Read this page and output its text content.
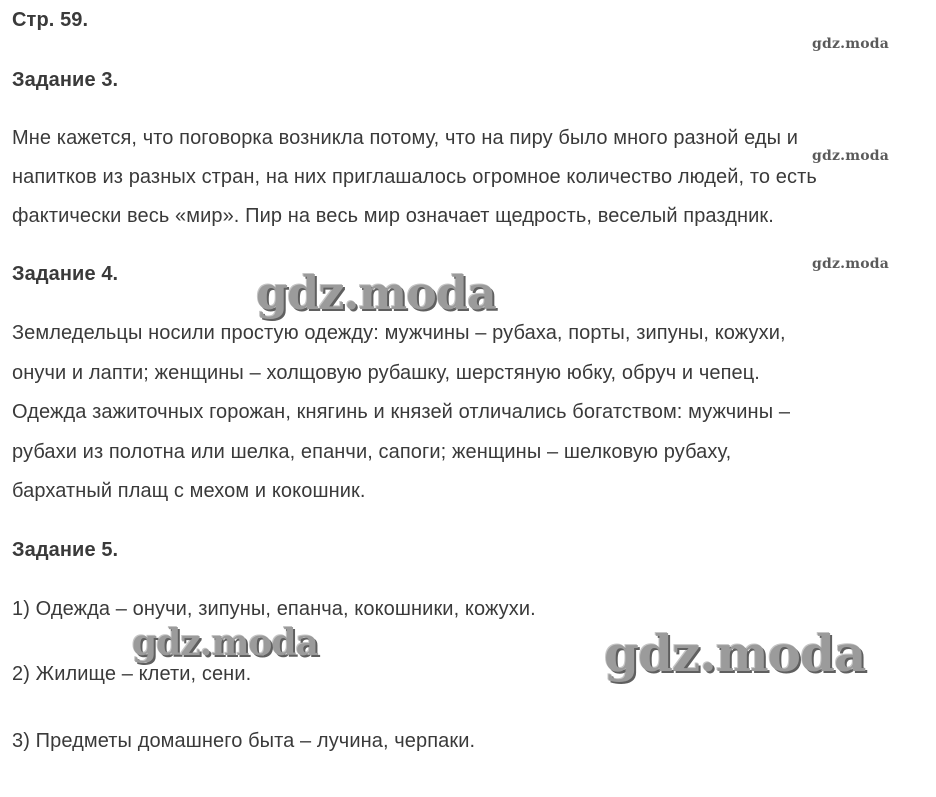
Стр. 59.
gdz.moda
Задание 3.
Мне кажется, что поговорка возникла потому, что на пиру было много разной еды и
gdz.moda
напитков из разных стран, на них приглашалось огромное количество людей, то есть
фактически весь «мир». Пир на весь мир означает щедрость, веселый праздник.
Задание 4.	gdz.moda
gdz.moda
Земледельцы носили простую одежду: мужчины – рубаха, порты, зипуны, кожухи,
онучи и лапти; женщины – холщовую рубашку, шерстяную юбку, обруч и чепец.
Одежда зажиточных горожан, княгинь и князей отличались богатством: мужчины –
рубахи из полотна или шелка, епанчи, сапоги; женщины – шелковую рубаху,
бархатный плащ с мехом и кокошник.
Задание 5.
1) Одежда – онучи, зипуны, епанча, кокошники, кожухи.
gdz.moda	gdz.moda
2) Жилище – клети, сени.
3) Предметы домашнего быта – лучина, черпаки.
